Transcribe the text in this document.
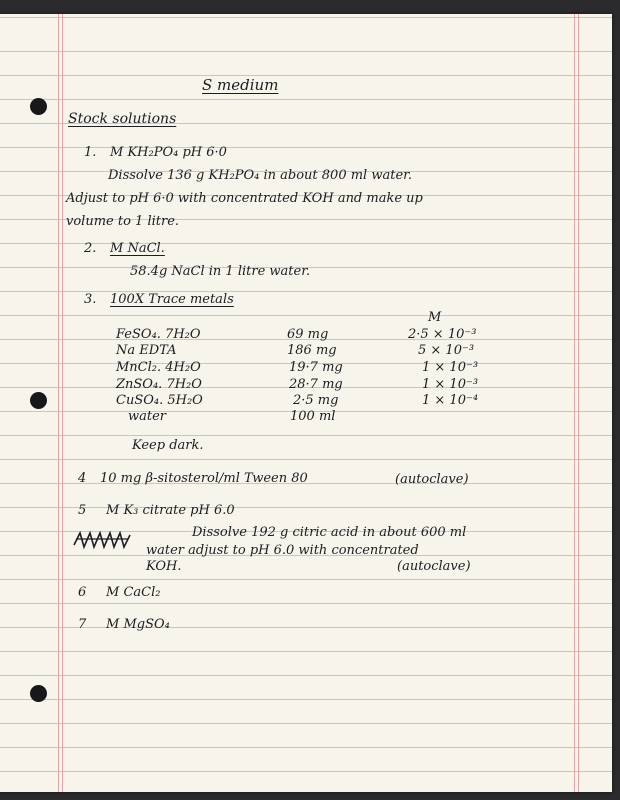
S medium
Stock solutions
1. M KH₂PO₄ pH 6·0
Dissolve 136 g KH₂PO₄ in about 800 ml water.
Adjust to pH 6·0 with concentrated KOH and make up
volume to 1 litre.
2. M NaCl.
58.4g NaCl in 1 litre water.
3. 100X Trace metals
M
FeSO₄. 7H₂O	69 mg	2·5 × 10⁻³
Na EDTA	186 mg	5 × 10⁻³
MnCl₂. 4H₂O	19·7 mg	1 × 10⁻³
ZnSO₄. 7H₂O	28·7 mg	1 × 10⁻³
CuSO₄. 5H₂O	2·5 mg	1 × 10⁻⁴
water	100 ml
Keep dark.
4 10 mg β-sitosterol/ml Tween 80	(autoclave)
5 M K₃ citrate pH 6.0
Dissolve 192 g citric acid in about 600 ml
water adjust to pH 6.0 with concentrated
KOH.	(autoclave)
6 M CaCl₂
7 M MgSO₄
